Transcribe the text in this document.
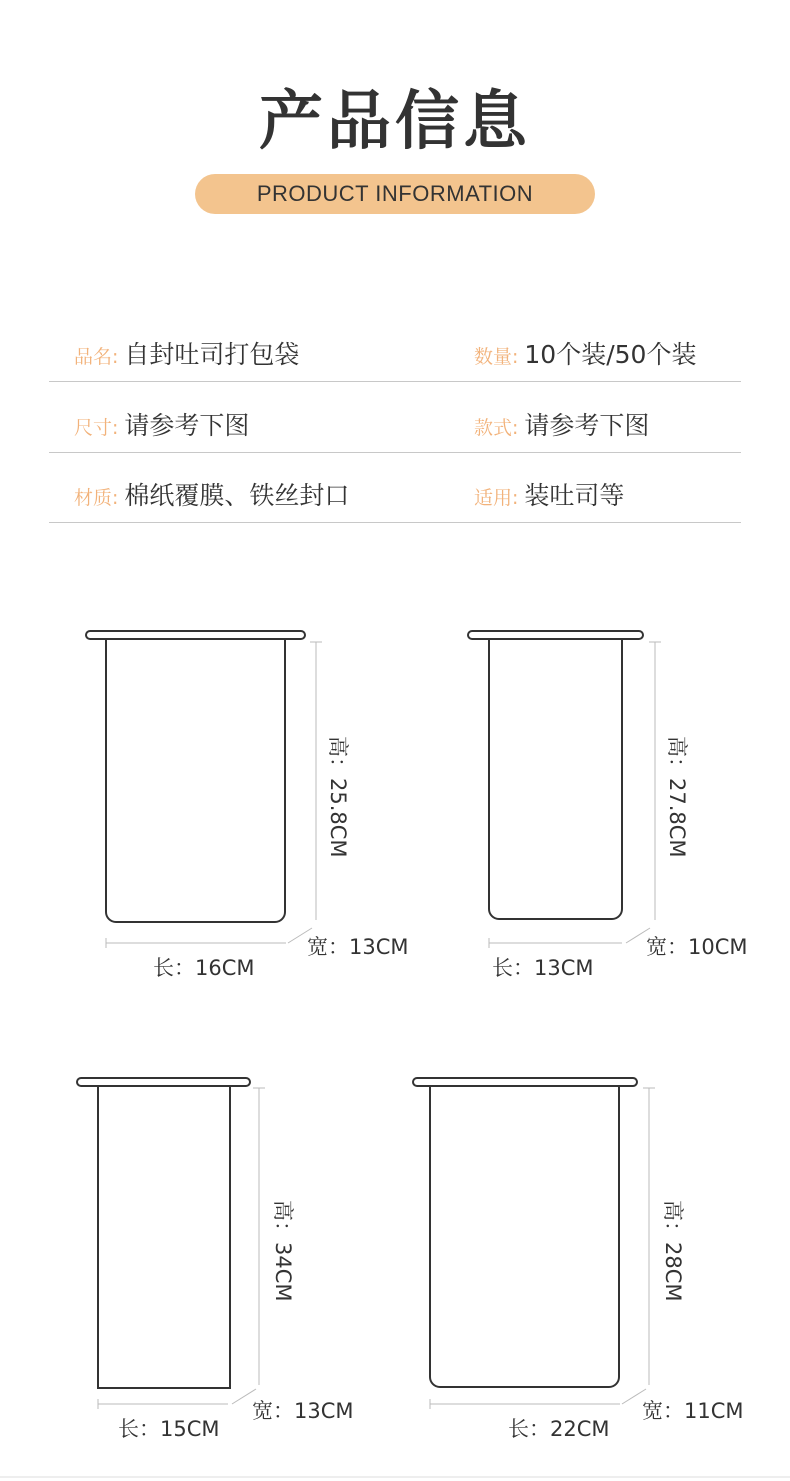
产品信息
PRODUCT INFORMATION
品名: 自封吐司打包袋	数量: 10个装/50个装
尺寸: 请参考下图	款式: 请参考下图
材质: 棉纸覆膜、铁丝封口	适用: 装吐司等
高：25.8CM
宽：13CM
长：16CM
高：27.8CM
宽：10CM
长：13CM
高：34CM
宽：13CM
长：15CM
高：28CM
宽：11CM
长：22CM
